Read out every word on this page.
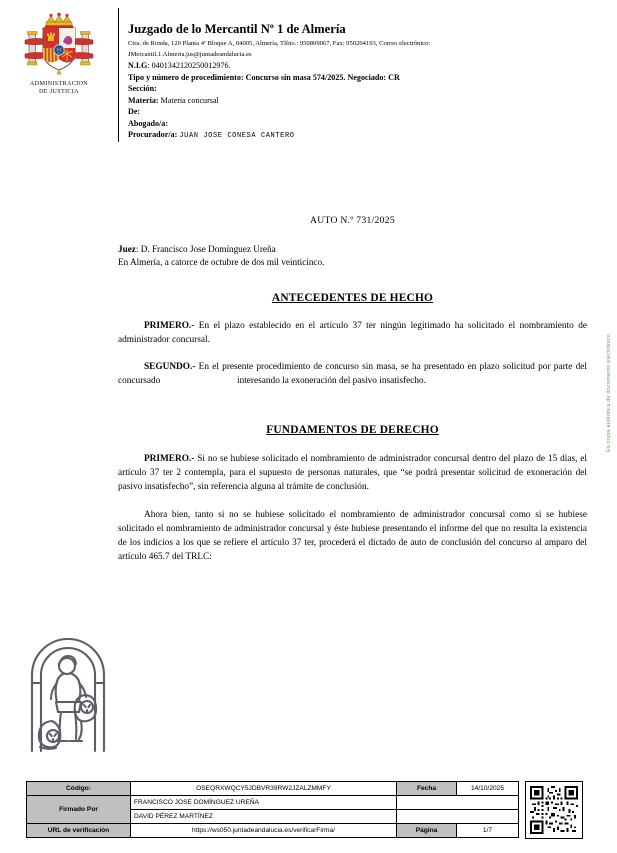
ADMINISTRACION
DE JUSTICIA
Juzgado de lo Mercantil Nº 1 de Almería
Ctra. de Ronda, 120 Planta 4ª Bloque A, 04005, Almería, Tlfno.: 950809067, Fax: 950204193, Correo electrónico:
JMercantil.1.Almeria.jus@juntadeandalucia.es
N.I.G: 0401342120250012976.
Tipo y número de procedimiento: Concurso sin masa 574/2025. Negociado: CR
Sección:
Materia: Materia concursal
De:
Abogado/a:
Procurador/a: JUAN JOSE CONESA CANTERO
AUTO N.º 731/2025
Juez: D. Francisco Jose Domínguez Ureña
En Almería, a catorce de octubre de dos mil veinticinco.
ANTECEDENTES DE HECHO

PRIMERO.- En el plazo establecido en el artículo 37 ter ningún legitimado ha solicitado el nombramiento de administrador concursal.

SEGUNDO.- En el presente procedimiento de concurso sin masa, se ha presentado en plazo solicitud por parte del concursado	interesando la exoneración del pasivo insatisfecho.

FUNDAMENTOS DE DERECHO

PRIMERO.- Si no se hubiese solicitado el nombramiento de administrador concursal dentro del plazo de 15 días, el artículo 37 ter 2 contempla, para el supuesto de personas naturales, que “se podrá presentar solicitud de exoneración del pasivo insatisfecho”, sin referencia alguna al trámite de conclusión.

Ahora bien, tanto si no se hubiese solicitado el nombramiento de administrador concursal como si se hubiese solicitado el nombramiento de administrador concursal y éste hubiese presentando el informe del que no resulta la existencia de los indicios a los que se refiere el artículo 37 ter, procederá el dictado de auto de conclusión del concurso al amparo del artículo 465.7 del TRLC:

Es copia auténtica de documento electrónico
Código:	OSEQRXWQCY5JDBVR39RW2JZALZMMFY	Fecha	14/10/2025
Firmado Por	FRANCISCO JOSE DOMÍNGUEZ UREÑA		
	DAVID PÉREZ MARTÍNEZ		
URL de verificación	https://ws050.juntadeandalucia.es/verificarFirma/	Página	1/7
